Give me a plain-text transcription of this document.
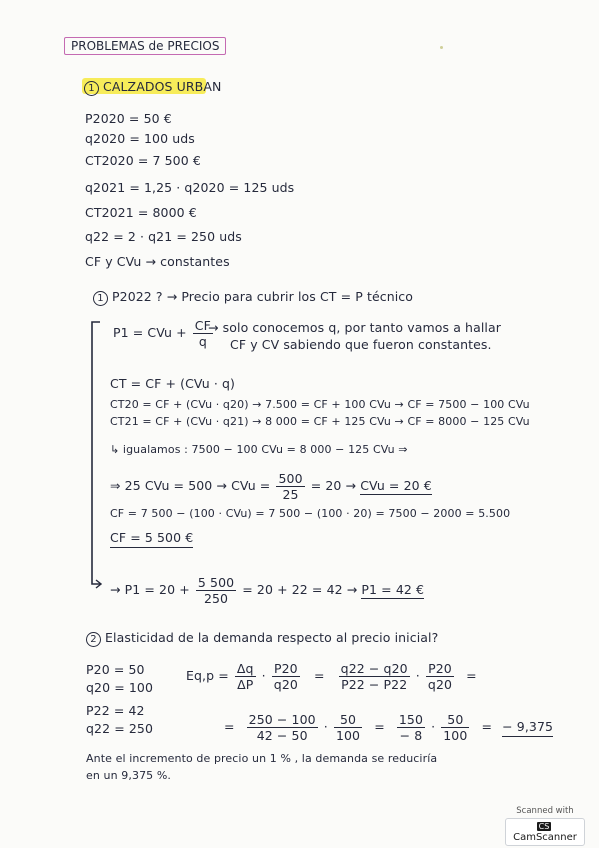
PROBLEMAS de PRECIOS
1 CALZADOS URBAN
P2020 = 50 €
q2020 = 100 uds
CT2020 = 7 500 €
q2021 = 1,25 · q2020 = 125 uds
CT2021 = 8000 €
q22 = 2 · q21 = 250 uds
CF y CVu → constantes
1 P2022 ? → Precio para cubrir los CT = P técnico
P1 = CVu + $\frac{CF}{q}$
→ solo conocemos q, por tanto vamos a hallar
CF y CV sabiendo que fueron constantes.
CT = CF + (CVu · q)
CT20 = CF + (CVu · q20) → 7.500 = CF + 100 CVu → CF = 7500 − 100 CVu
CT21 = CF + (CVu · q21) → 8 000 = CF + 125 CVu → CF = 8000 − 125 CVu
↳ igualamos : 7500 − 100 CVu = 8 000 − 125 CVu ⇒
⇒ 25 CVu = 500 → CVu = $\frac{500}{25} = 20$ → CVu = 20 €
CF = 7 500 − (100 · CVu) = 7 500 − (100 · 20) = 7500 − 2000 = 5.500
CF = 5 500 €
→ $P1 = 20 + \frac{5 500}{250} = 20 + 22 = 42 \to P1 = 42$ €
2 Elasticidad de la demanda respecto al precio inicial?
P20 = 50
q20 = 100
P22 = 42
q22 = 250
$Eq,p = \frac{\Delta q}{\Delta P} \cdot \frac{P20}{q20} = \frac{q22 - q20}{P22 - P22} \cdot \frac{P20}{q20}$ =
= $\frac{250 - 100}{42 - 50} \cdot \frac{50}{100} = \frac{150}{- 8} \cdot \frac{50}{100}$ = − 9,375
Ante el incremento de precio un 1 % , la demanda se reduciría
en un 9,375 %.
Scanned with
CSCamScanner
